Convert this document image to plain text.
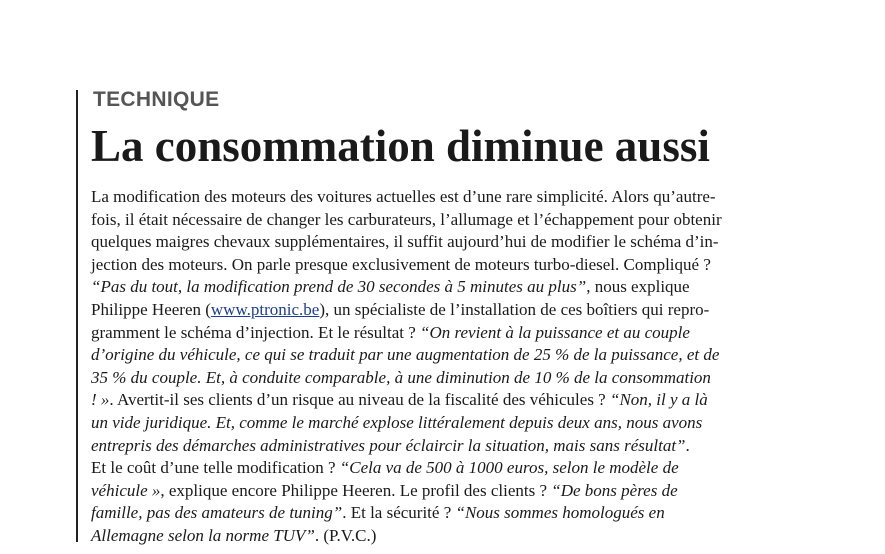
TECHNIQUE
La consommation diminue aussi
La modification des moteurs des voitures actuelles est d’une rare simplicité. Alors qu’autre-
fois, il était nécessaire de changer les carburateurs, l’allumage et l’échappement pour obtenir
quelques maigres chevaux supplémentaires, il suffit aujourd’hui de modifier le schéma d’in-
jection des moteurs. On parle presque exclusivement de moteurs turbo-diesel. Compliqué ?
“Pas du tout, la modification prend de 30 secondes à 5 minutes au plus”, nous explique
Philippe Heeren (www.ptronic.be), un spécialiste de l’installation de ces boîtiers qui repro-
gramment le schéma d’injection. Et le résultat ? “On revient à la puissance et au couple
d’origine du véhicule, ce qui se traduit par une augmentation de 25 % de la puissance, et de
35 % du couple. Et, à conduite comparable, à une diminution de 10 % de la consommation
! ». Avertit-il ses clients d’un risque au niveau de la fiscalité des véhicules ? “Non, il y a là
un vide juridique. Et, comme le marché explose littéralement depuis deux ans, nous avons
entrepris des démarches administratives pour éclaircir la situation, mais sans résultat”.
Et le coût d’une telle modification ? “Cela va de 500 à 1000 euros, selon le modèle de
véhicule », explique encore Philippe Heeren. Le profil des clients ? “De bons pères de
famille, pas des amateurs de tuning”. Et la sécurité ? “Nous sommes homologués en
Allemagne selon la norme TUV”. (P.V.C.)
